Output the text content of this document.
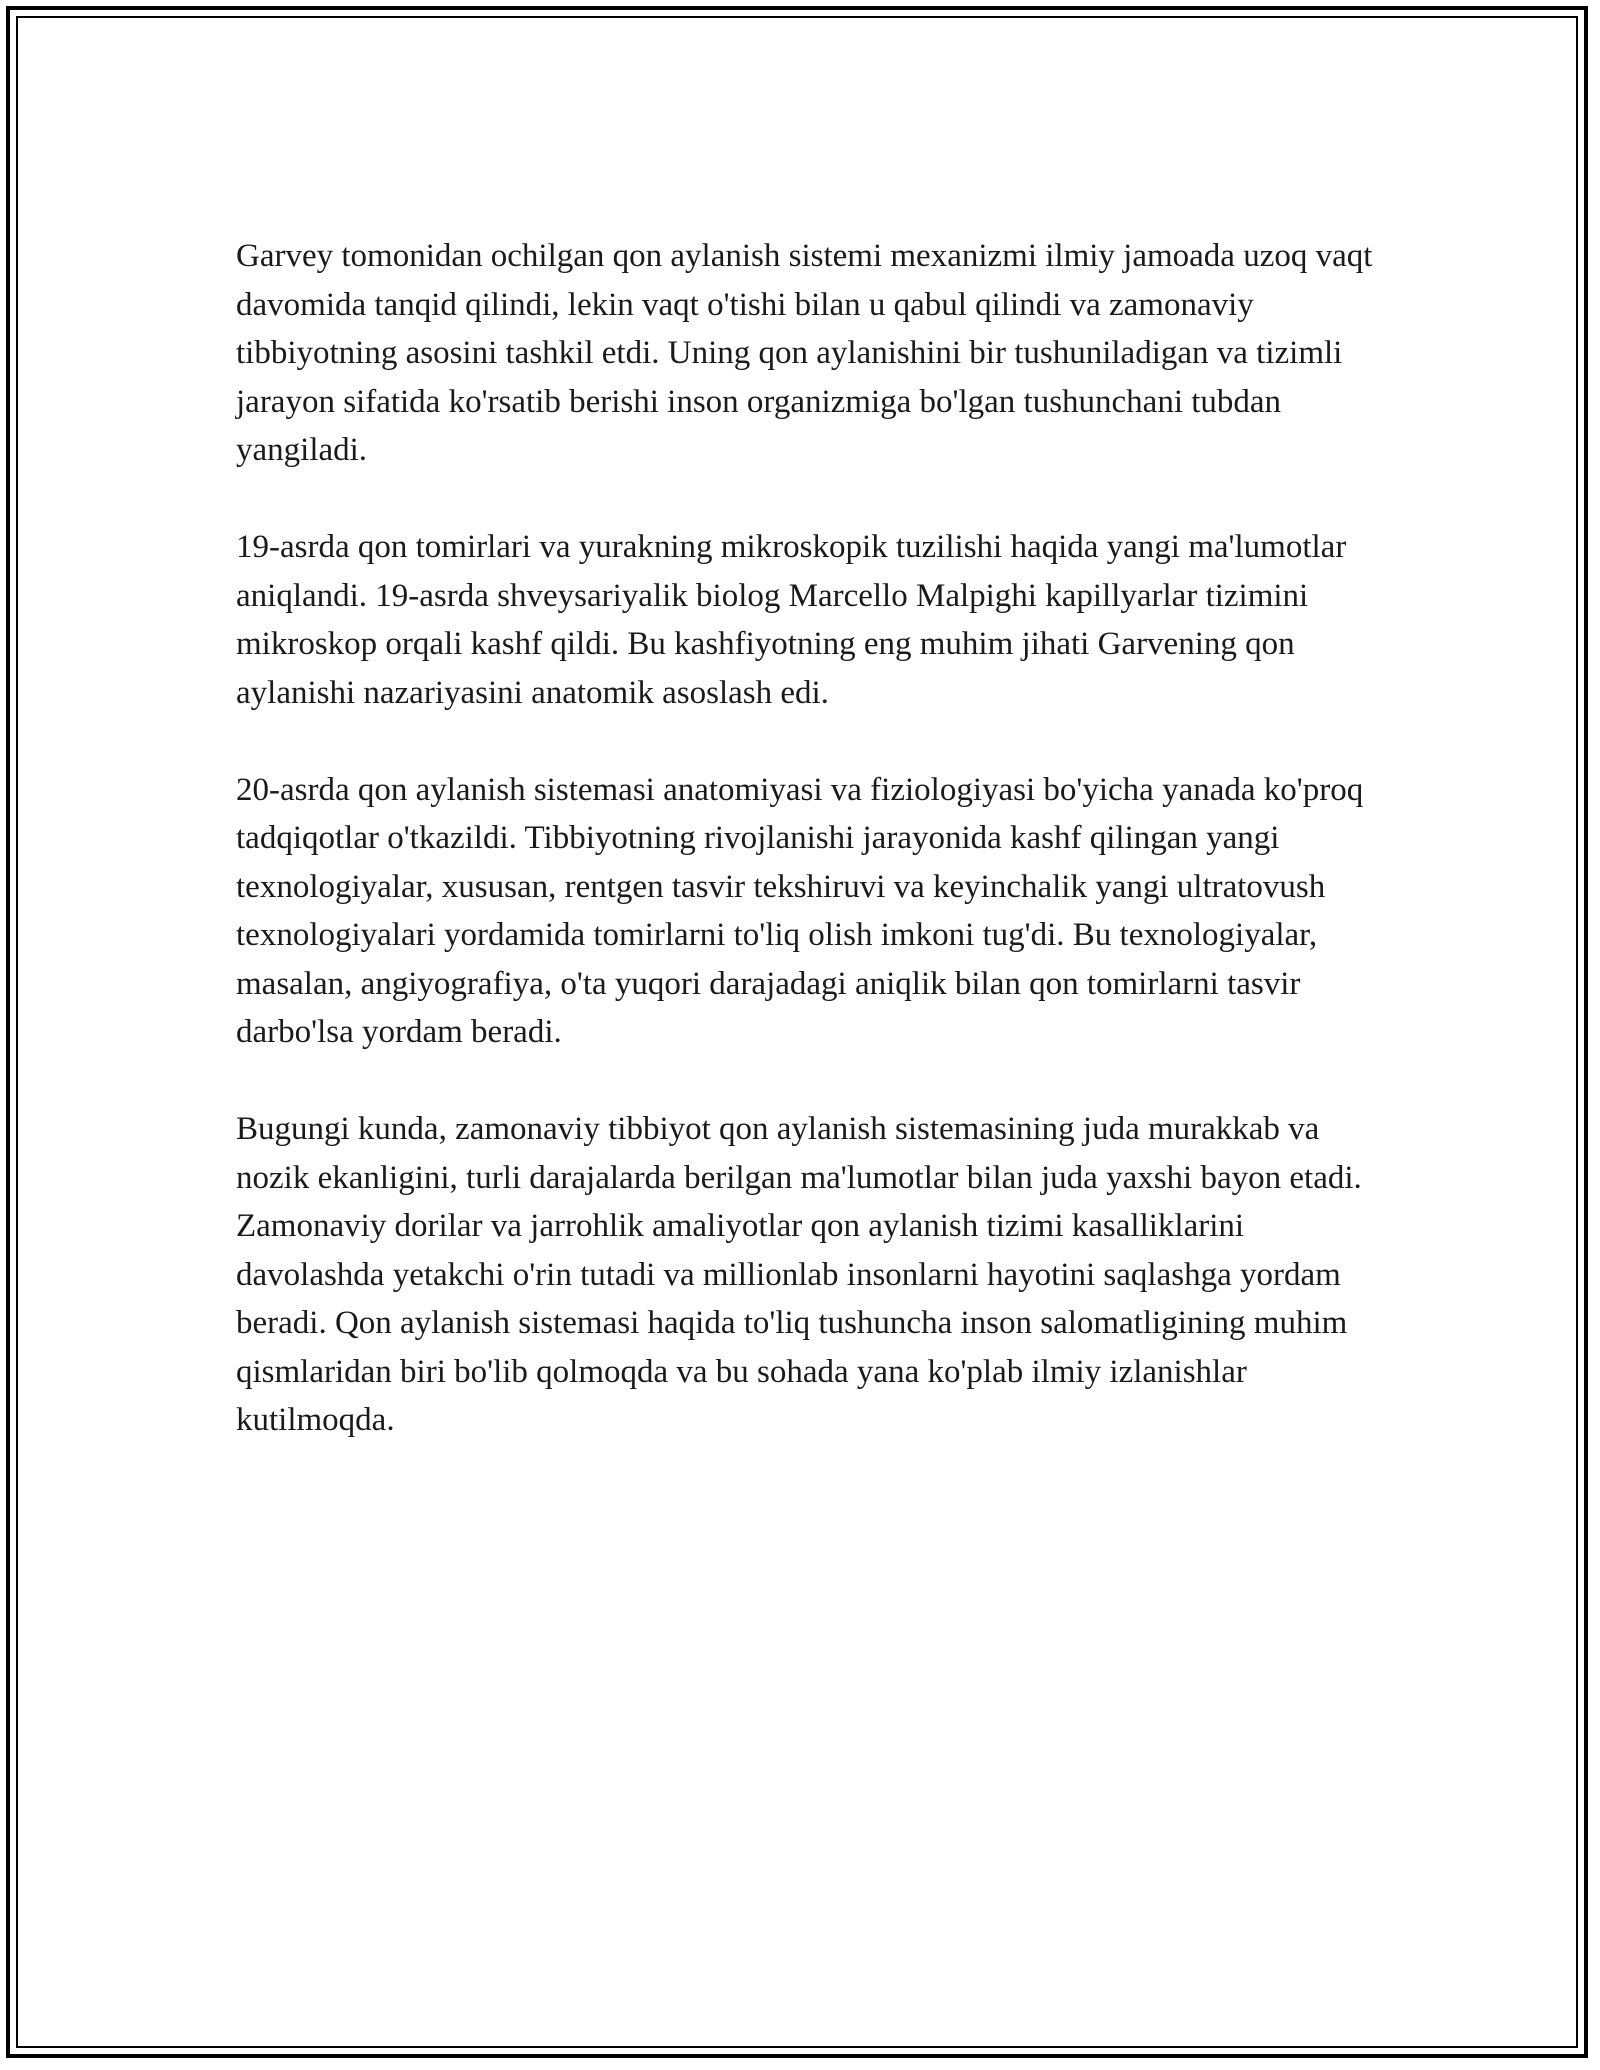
Garvey tomonidan ochilgan qon aylanish sistemi mexanizmi ilmiy jamoada uzoq vaqt davomida tanqid qilindi, lekin vaqt o'tishi bilan u qabul qilindi va zamonaviy tibbiyotning asosini tashkil etdi. Uning qon aylanishini bir tushuniladigan va tizimli jarayon sifatida ko'rsatib berishi inson organizmiga bo'lgan tushunchani tubdan yangiladi.

19-asrda qon tomirlari va yurakning mikroskopik tuzilishi haqida yangi ma'lumotlar aniqlandi. 19-asrda shveysariyalik biolog Marcello Malpighi kapillyarlar tizimini mikroskop orqali kashf qildi. Bu kashfiyotning eng muhim jihati Garvening qon aylanishi nazariyasini anatomik asoslash edi.

20-asrda qon aylanish sistemasi anatomiyasi va fiziologiyasi bo'yicha yanada ko'proq tadqiqotlar o'tkazildi. Tibbiyotning rivojlanishi jarayonida kashf qilingan yangi texnologiyalar, xususan, rentgen tasvir tekshiruvi va keyinchalik yangi ultratovush texnologiyalari yordamida tomirlarni to'liq olish imkoni tug'di. Bu texnologiyalar, masalan, angiyografiya, o'ta yuqori darajadagi aniqlik bilan qon tomirlarni tasvir darbo'lsa yordam beradi.

Bugungi kunda, zamonaviy tibbiyot qon aylanish sistemasining juda murakkab va nozik ekanligini, turli darajalarda berilgan ma'lumotlar bilan juda yaxshi bayon etadi. Zamonaviy dorilar va jarrohlik amaliyotlar qon aylanish tizimi kasalliklarini davolashda yetakchi o'rin tutadi va millionlab insonlarni hayotini saqlashga yordam beradi. Qon aylanish sistemasi haqida to'liq tushuncha inson salomatligining muhim qismlaridan biri bo'lib qolmoqda va bu sohada yana ko'plab ilmiy izlanishlar kutilmoqda.
